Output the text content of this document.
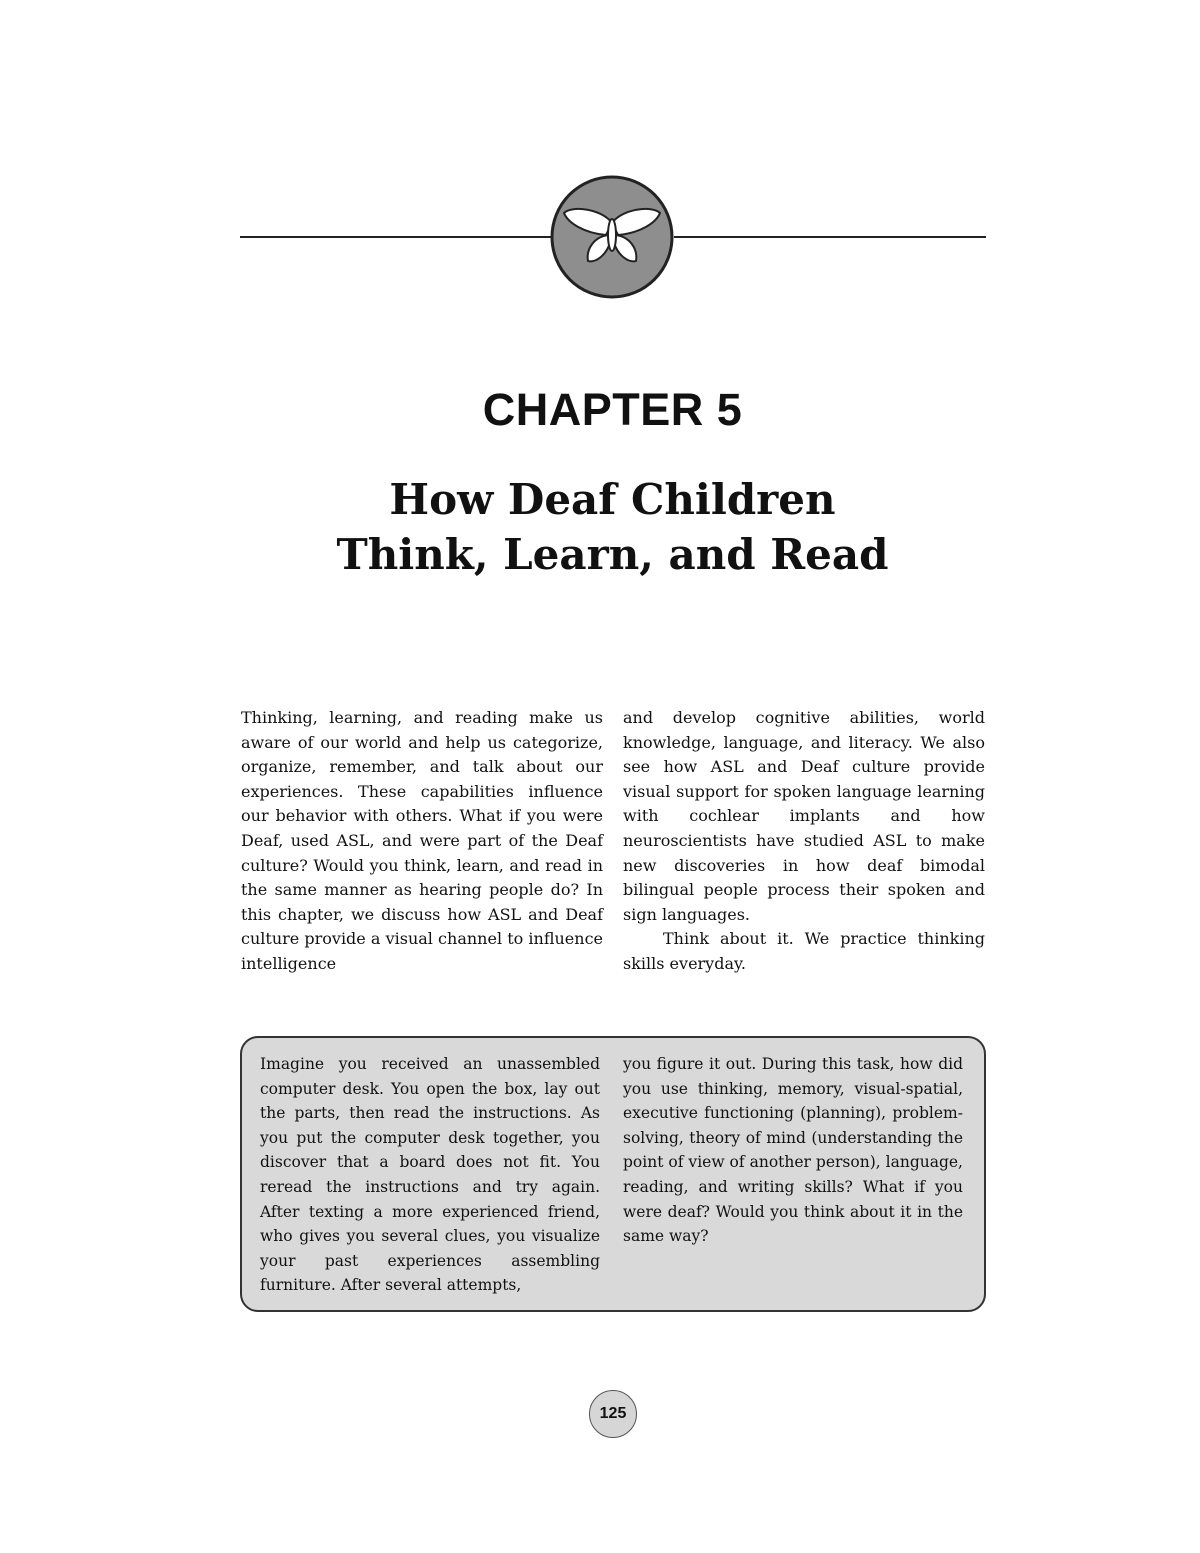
CHAPTER 5
How Deaf Children
Think, Learn, and Read

Thinking, learning, and reading make us aware of our world and help us categorize, organize, remember, and talk about our experiences. These capabilities influence our behavior with others. What if you were Deaf, used ASL, and were part of the Deaf culture? Would you think, learn, and read in the same manner as hearing people do? In this chapter, we discuss how ASL and Deaf culture provide a visual channel to influence intelligence

and develop cognitive abilities, world knowledge, language, and literacy. We also see how ASL and Deaf culture provide visual support for spoken language learning with cochlear implants and how neuroscientists have studied ASL to make new discoveries in how deaf bimodal bilingual people process their spoken and sign languages.

Think about it. We practice thinking skills everyday.

Imagine you received an unassembled computer desk. You open the box, lay out the parts, then read the instructions. As you put the computer desk together, you discover that a board does not fit. You reread the instructions and try again. After texting a more experienced friend, who gives you several clues, you visualize your past experiences assembling furniture. After several attempts,

you figure it out. During this task, how did you use thinking, memory, visual-spatial, executive functioning (planning), problem-solving, theory of mind (understanding the point of view of another person), language, reading, and writing skills? What if you were deaf? Would you think about it in the same way?

125
